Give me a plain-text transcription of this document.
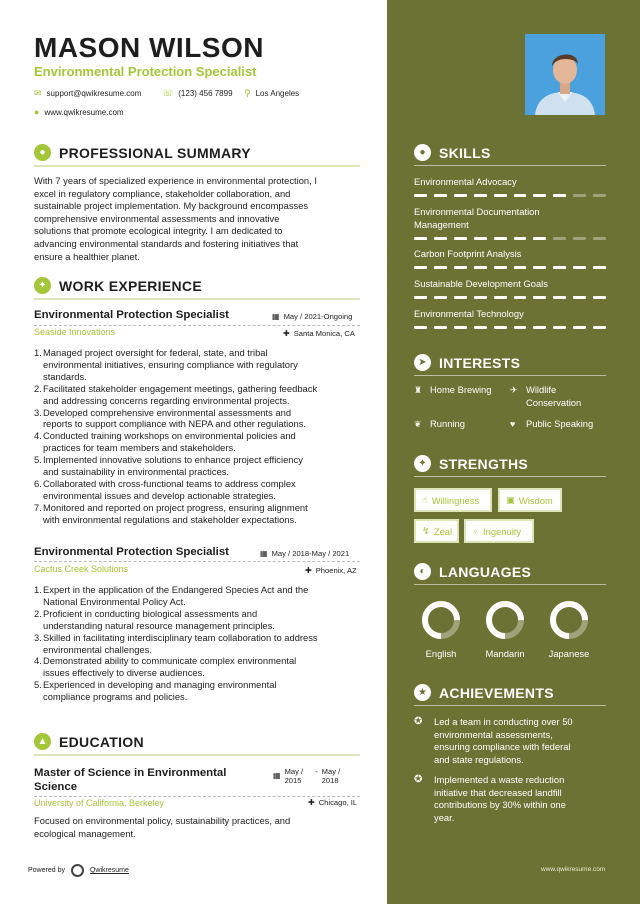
MASON WILSON
Environmental Protection Specialist
✉ support@qwikresume.com ☏ (123) 456 7899 ⚲ Los Angeles
● www.qwikresume.com
● PROFESSIONAL SUMMARY
With 7 years of specialized experience in environmental protection, I
excel in regulatory compliance, stakeholder collaboration, and
sustainable project implementation. My background encompasses
comprehensive environmental assessments and innovative
solutions that promote ecological integrity. I am dedicated to
advancing environmental standards and fostering initiatives that
ensure a healthier planet.
✦ WORK EXPERIENCE
Environmental Protection Specialist	▦ May / 2021-Ongoing
Seaside Innovations	✚ Santa Monica, CA
1. Managed project oversight for federal, state, and tribal
environmental initiatives, ensuring compliance with regulatory
standards.
2. Facilitated stakeholder engagement meetings, gathering feedback
and addressing concerns regarding environmental projects.
3. Developed comprehensive environmental assessments and
reports to support compliance with NEPA and other regulations.
4. Conducted training workshops on environmental policies and
practices for team members and stakeholders.
5. Implemented innovative solutions to enhance project efficiency
and sustainability in environmental practices.
6. Collaborated with cross-functional teams to address complex
environmental issues and develop actionable strategies.
7. Monitored and reported on project progress, ensuring alignment
with environmental regulations and stakeholder expectations.
Environmental Protection Specialist	▦ May / 2018-May / 2021
Cactus Creek Solutions	✚ Phoenix, AZ
1. Expert in the application of the Endangered Species Act and the
National Environmental Policy Act.
2. Proficient in conducting biological assessments and
understanding natural resource management principles.
3. Skilled in facilitating interdisciplinary team collaboration to address
environmental challenges.
4. Demonstrated ability to communicate complex environmental
issues effectively to diverse audiences.
5. Experienced in developing and managing environmental
compliance programs and policies.
▲ EDUCATION
Master of Science in Environmental
Science
▦ May /
2015
- May /
2018
University of California, Berkeley	✚ Chicago, IL
Focused on environmental policy, sustainability practices, and
ecological management.
Powered by	Qwikresume
● SKILLS
Environmental Advocacy
Environmental Documentation
Management
Carbon Footprint Analysis
Sustainable Development Goals
Environmental Technology
➤ INTERESTS
♜ Home Brewing ✈ Wildlife
Conservation
❦ Running	♥	Public Speaking
✦ STRENGTHS
☝ Willingness	▣ Wisdom
↯ Zeal ♀ Ingenuity
◐ LANGUAGES
English	Mandarin	Japanese
★ ACHIEVEMENTS
✪	Led a team in conducting over 50
environmental assessments,
ensuring compliance with federal
and state regulations.
✪	Implemented a waste reduction
initiative that decreased landfill
contributions by 30% within one
year.
www.qwikresume.com
